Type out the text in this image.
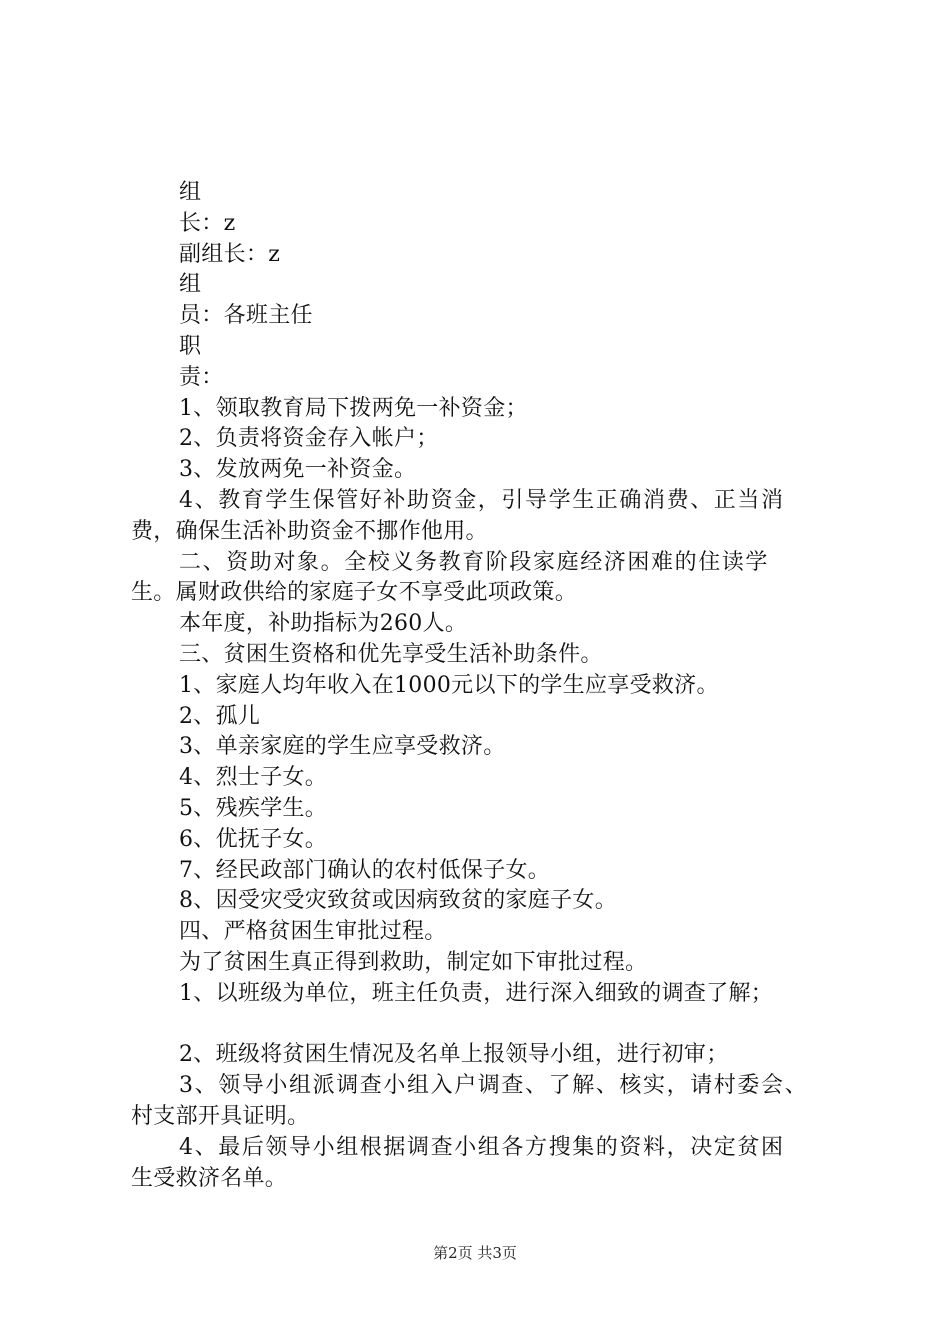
组
长：z
副组长：z
组
员：各班主任
职
责：
1、领取教育局下拨两免一补资金；
2、负责将资金存入帐户；
3、发放两免一补资金。
4、教育学生保管好补助资金，引导学生正确消费、正当消
费，确保生活补助资金不挪作他用。
二、资助对象。全校义务教育阶段家庭经济困难的住读学
生。属财政供给的家庭子女不享受此项政策。
本年度，补助指标为260人。
三、贫困生资格和优先享受生活补助条件。
1、家庭人均年收入在1000元以下的学生应享受救济。
2、孤儿
3、单亲家庭的学生应享受救济。
4、烈士子女。
5、残疾学生。
6、优抚子女。
7、经民政部门确认的农村低保子女。
8、因受灾受灾致贫或因病致贫的家庭子女。
四、严格贫困生审批过程。
为了贫困生真正得到救助，制定如下审批过程。
1、以班级为单位，班主任负责，进行深入细致的调查了解；
2、班级将贫困生情况及名单上报领导小组，进行初审；
3、领导小组派调查小组入户调查、了解、核实，请村委会、
村支部开具证明。
4、最后领导小组根据调查小组各方搜集的资料，决定贫困
生受救济名单。
第2页 共3页
